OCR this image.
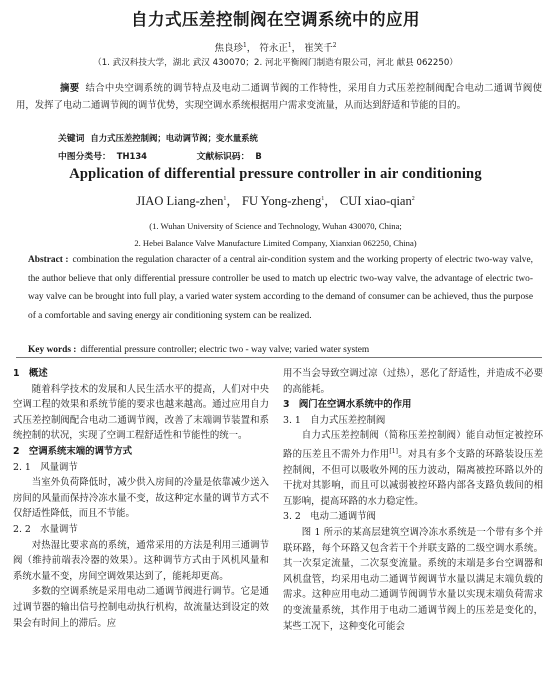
自力式压差控制阀在空调系统中的应用
焦良珍$^1$， 符永正$^1$， 崔笑千$^2$
（1. 武汉科技大学，湖北 武汉 430070；2. 河北平衡阀门制造有限公司，河北 献县 062250）
摘要 结合中央空调系统的调节特点及电动二通调节阀的工作特性，采用自力式压差控制阀配合电动二通调节阀使用，发挥了电动二通调节阀的调节优势，实现空调水系统根据用户需求变流量，从而达到舒适和节能的目的。
关键词 自力式压差控制阀；电动调节阀；变水量系统
中图分类号： TH134	文献标识码： B
Application of differential pressure controller in air conditioning
JIAO Liang-zhen$^1$， FU Yong-zheng$^1$， CUI xiao-qian$^2$
(1. Wuhan University of Science and Technology, Wuhan 430070, China;
2. Hebei Balance Valve Manufacture Limited Company, Xianxian 062250, China)
Abstract : combination the regulation character of a central air-condition system and the working property of electric two-way valve, the author believe that only differential pressure controller be used to match up electric two-way valve, the advantage of electric two-way valve can be brought into full play, a varied water system according to the demand of consumer can be achieved, thus the purpose of a comfortable and saving energy air conditioning system can be realized.
Key words : differential pressure controller; electric two - way valve; varied water system
1　概述

随着科学技术的发展和人民生活水平的提高，人们对中央空调工程的效果和系统节能的要求也越来越高。通过应用自力式压差控制阀配合电动二通调节阀，改善了末端调节装置和系统控制的状况，实现了空调工程舒适性和节能性的统一。

2　空调系统末端的调节方式
2. 1　风量调节

当室外负荷降低时，减少供入房间的冷量是依靠减少送入房间的风量而保持冷冻水量不变，故这种定水量的调节方式不仅舒适性降低，而且不节能。

2. 2　水量调节

对热湿比要求高的系统，通常采用的方法是利用三通调节阀（维持前端表冷器的效果）。这种调节方式由于风机风量和系统水量不变，房间空调效果达到了，能耗却更高。

多数的空调系统是采用电动二通调节阀进行调节。它是通过调节器的输出信号控制电动执行机构，故流量达到设定的效果会有时间上的滞后。应

用不当会导致空调过凉（过热），恶化了舒适性，并造成不必要的高能耗。

3　阀门在空调水系统中的作用
3. 1　自力式压差控制阀

自力式压差控制阀（简称压差控制阀）能自动恒定被控环路的压差且不需外力作用[1]。对具有多个支路的环路装设压差控制阀，不但可以吸收外网的压力波动，隔离被控环路以外的干扰对其影响，而且可以减弱被控环路内部各支路负载间的相互影响，提高环路的水力稳定性。

3. 2　电动二通调节阀

图 1 所示的某高层建筑空调冷冻水系统是一个带有多个并联环路，每个环路又包含若干个并联支路的二级空调水系统。其一次泵定流量，二次泵变流量。系统的末端是多台空调器和风机盘管，均采用电动二通调节阀调节水量以满足末端负载的需求。这种应用电动二通调节阀调节水量以实现末端负荷需求的变流量系统，其作用于电动二通调节阀上的压差是变化的，某些工况下，这种变化可能会
